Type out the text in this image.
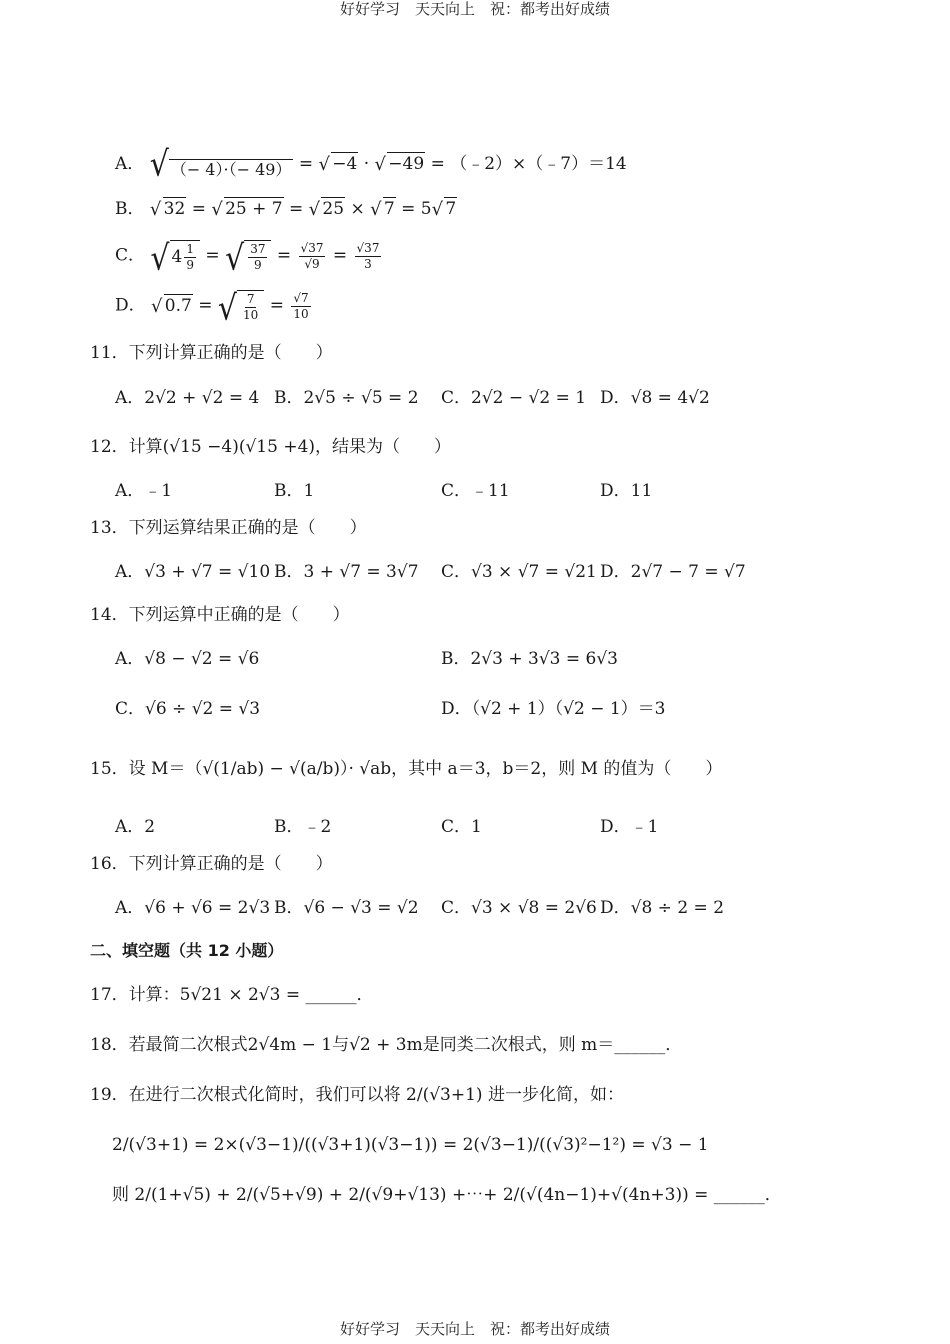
好好学习　天天向上　祝：都考出好成绩
好好学习　天天向上　祝：都考出好成绩
A． √ （− 4）·（− 49） = √ −4 · √ −49 = （﹣2）×（﹣7）＝14
B． √ 32 = √ 25 + 7 = √ 25 × √ 7 = 5 √ 7
C． √ $4 \frac{1}{9}$ = √ $\frac{37}{9} = \frac{√37}{√9} = \frac{√37}{3}$
D． √ 0.7 = √ $\frac{7}{10} = \frac{√7}{10}$
11．下列计算正确的是（　　）
A．2√2 + √2 = 4 B．2√5 ÷ √5 = 2 C．2√2 − √2 = 1 D．√8 = 4√2
12．计算(√15 −4)(√15 +4)，结果为（　　）
A．﹣1	B．1	C．﹣11	D．11
13．下列运算结果正确的是（　　）
A．√3 + √7 = √10 B．3 + √7 = 3√7 C．√3 × √7 = √21 D．2√7 − 7 = √7
14．下列运算中正确的是（　　）
A．√8 − √2 = √6	B．2√3 + 3√3 = 6√3
C．√6 ÷ √2 = √3	D．（√2 + 1）（√2 − 1）＝3
15．设 M＝（√(1/ab) − √(a/b)）· √ab，其中 a＝3，b＝2，则 M 的值为（　　）
A．2	B．﹣2	C．1	D．﹣1
16．下列计算正确的是（　　）
A．√6 + √6 = 2√3 B．√6 − √3 = √2 C．√3 × √8 = 2√6 D．√8 ÷ 2 = 2
二、填空题（共 12 小题）
17．计算：5√21 × 2√3 = ______．
18．若最简二次根式2√4m − 1与√2 + 3m是同类二次根式，则 m＝______．
19．在进行二次根式化简时，我们可以将 2/(√3+1) 进一步化简，如：
2/(√3+1) = 2×(√3−1)/((√3+1)(√3−1)) = 2(√3−1)/((√3)²−1²) = √3 − 1
则 2/(1+√5) + 2/(√5+√9) + 2/(√9+√13) +⋯+ 2/(√(4n−1)+√(4n+3)) = ______．
